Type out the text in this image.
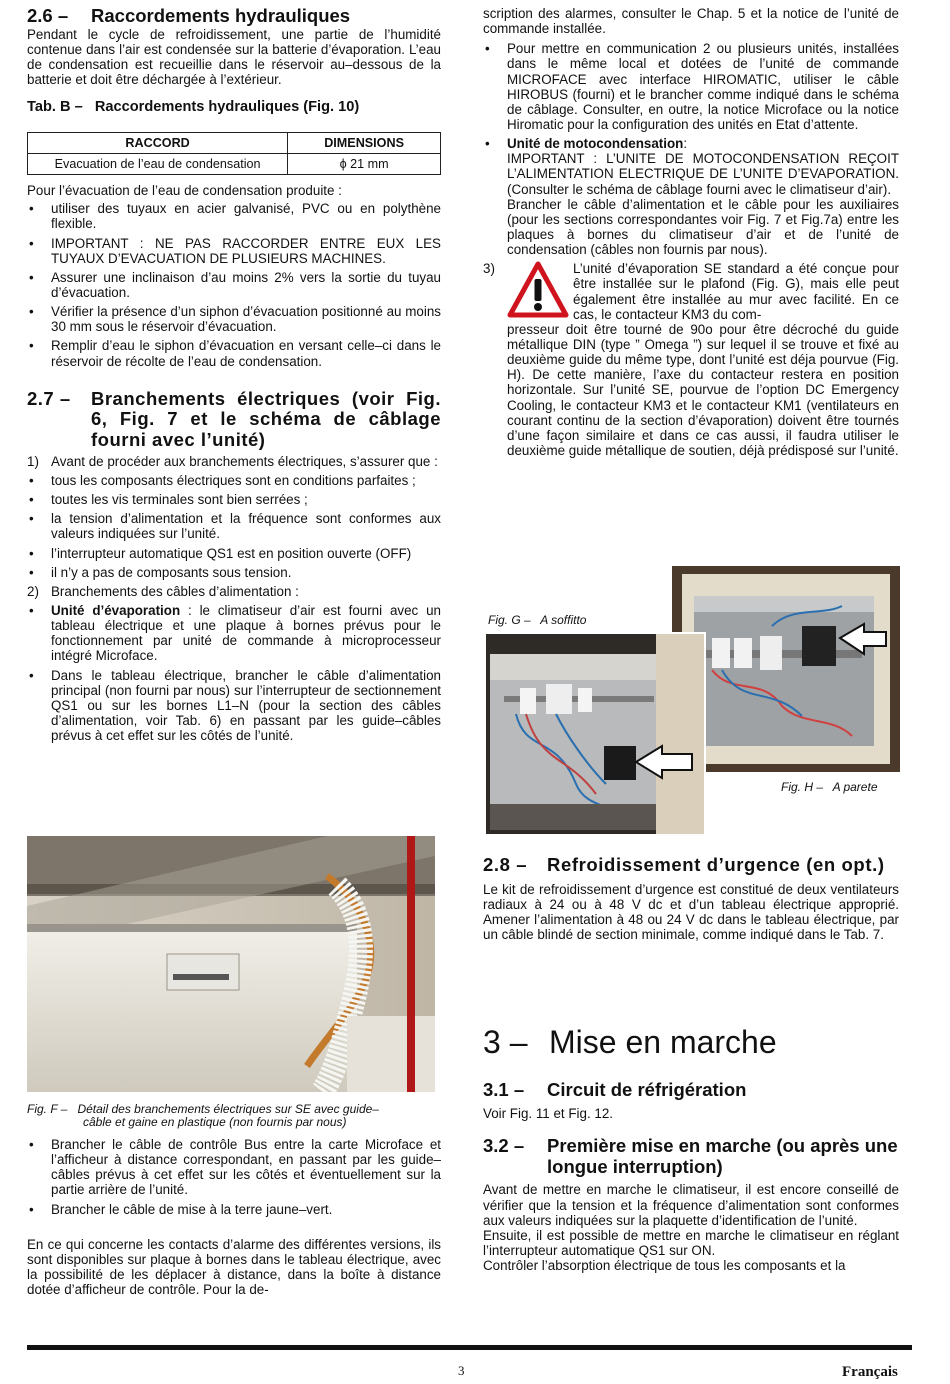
2.6 –	Raccordements hydrauliques

Pendant le cycle de refroidissement, une partie de l’humidité contenue dans l’air est condensée sur la batterie d’évaporation. L’eau de condensation est recueillie dans le réservoir au–dessous de la batterie et doit être déchargée à l’extérieur.

Tab. B –   Raccordements hydrauliques (Fig. 10)

RACCORD	DIMENSIONS
Evacuation de l’eau de condensation	ϕ 21 mm

Pour l’évacuation de l’eau de condensation produite :

• utiliser des tuyaux en acier galvanisé, PVC ou en polythène flexible.
• IMPORTANT : NE PAS RACCORDER ENTRE EUX LES TUYAUX D’EVACUATION DE PLUSIEURS MACHINES.
• Assurer une inclinaison d’au moins 2% vers la sortie du tuyau d’évacuation.
• Vérifier la présence d’un siphon d’évacuation positionné au moins 30 mm sous le réservoir d’évacuation.
• Remplir d’eau le siphon d’évacuation en versant celle–ci dans le réservoir de récolte de l’eau de condensation.
2.7 –	Branchements électriques (voir Fig. 6, Fig. 7 et le schéma de câblage fourni avec l’unité)
1) Avant de procéder aux branchements électriques, s’assurer que :
• tous les composants électriques sont en conditions parfaites ;
• toutes les vis terminales sont bien serrées ;
• la tension d’alimentation et la fréquence sont conformes aux valeurs indiquées sur l’unité.
• l’interrupteur automatique QS1 est en position ouverte (OFF)
• il n’y a pas de composants sous tension.
2) Branchements des câbles d’alimentation :
• Unité d’évaporation : le climatiseur d’air est fourni avec un tableau électrique et une plaque à bornes prévus pour le fonctionnement par unité de commande à microprocesseur intégré Microface.
• Dans le tableau électrique, brancher le câble d’alimentation principal (non fourni par nous) sur l’interrupteur de sectionnement QS1 ou sur les bornes L1–N (pour la section des câbles d’alimentation, voir Tab. 6) en passant par les guide–câbles prévus à cet effet sur les côtés de l’unité.
Fig. F –   Détail des branchements électriques sur SE avec guide–
câble et gaine en plastique (non fournis par nous)
• Brancher le câble de contrôle Bus entre la carte Microface et l’afficheur à distance correspondant, en passant par les guide–câbles prévus à cet effet sur les côtés et éventuellement sur la partie arrière de l’unité.
• Brancher le câble de mise à la terre jaune–vert.

En ce qui concerne les contacts d’alarme des différentes versions, ils sont disponibles sur plaque à bornes dans le tableau électrique, avec la possibilité de les déplacer à distance, dans la boîte à distance dotée d’afficheur de contrôle. Pour la de-

scription des alarmes, consulter le Chap. 5 et la notice de l’unité de commande installée.

• Pour mettre en communication 2 ou plusieurs unités, installées dans le même local et dotées de l’unité de commande MICROFACE avec interface HIROMATIC, utiliser le câble HIROBUS (fourni) et le brancher comme indiqué dans le schéma de câblage. Consulter, en outre, la notice Microface ou la notice Hiromatic pour la configuration des unités en Etat d’attente.
• Unité de motocondensation:

IMPORTANT : L’UNITE DE MOTOCONDENSATION REÇOIT L’ALIMENTATION ELECTRIQUE DE L’UNITE D’EVAPORATION. (Consulter le schéma de câblage fourni avec le climatiseur d’air).

Brancher le câble d’alimentation et le câble pour les auxiliaires (pour les sections correspondantes voir Fig. 7 et Fig.7a) entre les plaques à bornes du climatiseur d’air et de l’unité de condensation (câbles non fournis par nous).

3)	L’unité d’évaporation SE standard a été conçue pour être installée sur le plafond (Fig. G), mais elle peut également être installée au mur avec facilité. En ce cas, le contacteur KM3 du com-

presseur doit être tourné de 90o pour être décroché du guide métallique DIN (type ” Omega ”) sur lequel il se trouve et fixé au deuxième guide du même type, dont l’unité est déja pourvue (Fig. H). De cette manière, l’axe du contacteur restera en position horizontale. Sur l’unité SE, pourvue de l’option DC Emergency Cooling, le contacteur KM3 et le contacteur KM1 (ventilateurs en courant continu de la section d’évaporation) doivent être tournés d’une façon similaire et dans ce cas aussi, il faudra utiliser le deuxième guide métallique de soutien, déjà prédisposé sur l’unité.

Fig. G –   A soffitto
Fig. H –   A parete
2.8 –	Refroidissement d’urgence (en opt.)

Le kit de refroidissement d’urgence est constitué de deux ventilateurs radiaux à 24 ou à 48 V dc et d’un tableau électrique approprié. Amener l’alimentation à 48 ou 24 V dc dans le tableau électrique, par un câble blindé de section minimale, comme indiqué dans le Tab. 7.

3 – Mise en marche
3.1 –	Circuit de réfrigération

Voir Fig. 11 et Fig. 12.

3.2 –	Première mise en marche (ou après une longue interruption)

Avant de mettre en marche le climatiseur, il est encore conseillé de vérifier que la tension et la fréquence d’alimentation sont conformes aux valeurs indiquées sur la plaquette d’identification de l’unité.

Ensuite, il est possible de mettre en marche le climatiseur en réglant l’interrupteur automatique QS1 sur ON.

Contrôler l’absorption électrique de tous les composants et la

3	Français
